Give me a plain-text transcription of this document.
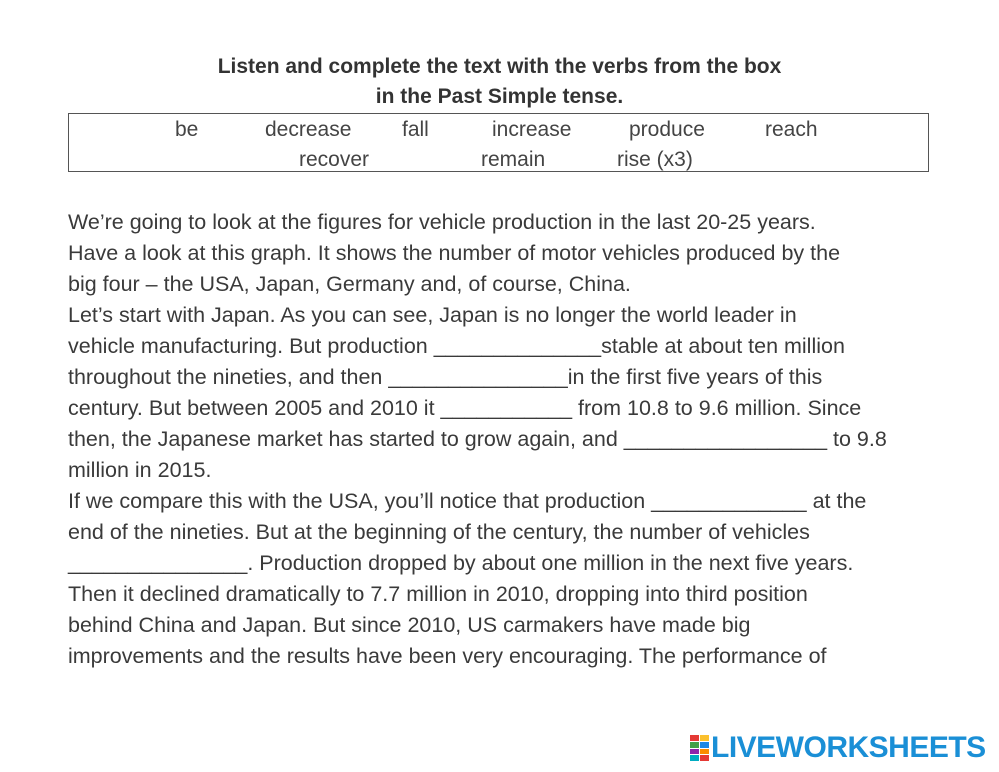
Listen and complete the text with the verbs from the box
in the Past Simple tense.
be	decrease fall	increase	produce	reach
recover	remain	rise (x3)
We’re going to look at the figures for vehicle production in the last 20-25 years.
Have a look at this graph. It shows the number of motor vehicles produced by the
big four – the USA, Japan, Germany and, of course, China.
Let’s start with Japan. As you can see, Japan is no longer the world leader in
vehicle manufacturing. But production ______________stable at about ten million
throughout the nineties, and then _______________in the first five years of this
century. But between 2005 and 2010 it ___________ from 10.8 to 9.6 million. Since
then, the Japanese market has started to grow again, and _________________ to 9.8
million in 2015.
If we compare this with the USA, you’ll notice that production _____________ at the
end of the nineties. But at the beginning of the century, the number of vehicles
_______________. Production dropped by about one million in the next five years.
Then it declined dramatically to 7.7 million in 2010, dropping into third position
behind China and Japan. But since 2010, US carmakers have made big
improvements and the results have been very encouraging. The performance of
LIVEWORKSHEETS
